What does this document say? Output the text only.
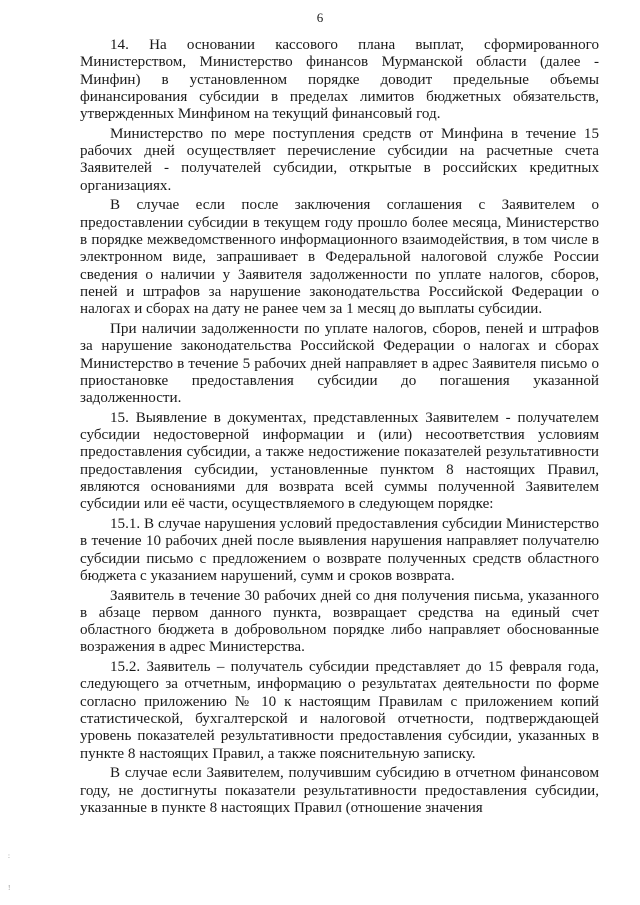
6

14. На основании кассового плана выплат, сформированного Министерством, Министерство финансов Мурманской области (далее - Минфин) в установленном порядке доводит предельные объемы финансирования субсидии в пределах лимитов бюджетных обязательств, утвержденных Минфином на текущий финансовый год.

Министерство по мере поступления средств от Минфина в течение 15 рабочих дней осуществляет перечисление субсидии на расчетные счета Заявителей - получателей субсидии, открытые в российских кредитных организациях.

В случае если после заключения соглашения с Заявителем о предоставлении субсидии в текущем году прошло более месяца, Министерство в порядке межведомственного информационного взаимодействия, в том числе в электронном виде, запрашивает в Федеральной налоговой службе России сведения о наличии у Заявителя задолженности по уплате налогов, сборов, пеней и штрафов за нарушение законодательства Российской Федерации о налогах и сборах на дату не ранее чем за 1 месяц до выплаты субсидии.

При наличии задолженности по уплате налогов, сборов, пеней и штрафов за нарушение законодательства Российской Федерации о налогах и сборах Министерство в течение 5 рабочих дней направляет в адрес Заявителя письмо о приостановке предоставления субсидии до погашения указанной задолженности.

15. Выявление в документах, представленных Заявителем - получателем субсидии недостоверной информации и (или) несоответствия условиям предоставления субсидии, а также недостижение показателей результативности предоставления субсидии, установленные пунктом 8 настоящих Правил, являются основаниями для возврата всей суммы полученной Заявителем субсидии или её части, осуществляемого в следующем порядке:

15.1. В случае нарушения условий предоставления субсидии Министерство в течение 10 рабочих дней после выявления нарушения направляет получателю субсидии письмо с предложением о возврате полученных средств областного бюджета с указанием нарушений, сумм и сроков возврата.

Заявитель в течение 30 рабочих дней со дня получения письма, указанного в абзаце первом данного пункта, возвращает средства на единый счет областного бюджета в добровольном порядке либо направляет обоснованные возражения в адрес Министерства.

15.2. Заявитель – получатель субсидии представляет до 15 февраля года, следующего за отчетным, информацию о результатах деятельности по форме согласно приложению № 10 к настоящим Правилам с приложением копий статистической, бухгалтерской и налоговой отчетности, подтверждающей уровень показателей результативности предоставления субсидии, указанных в пункте 8 настоящих Правил, а также пояснительную записку.

В случае если Заявителем, получившим субсидию в отчетном финансовом году, не достигнуты показатели результативности предоставления субсидии, указанные в пункте 8 настоящих Правил (отношение значения

:
!
